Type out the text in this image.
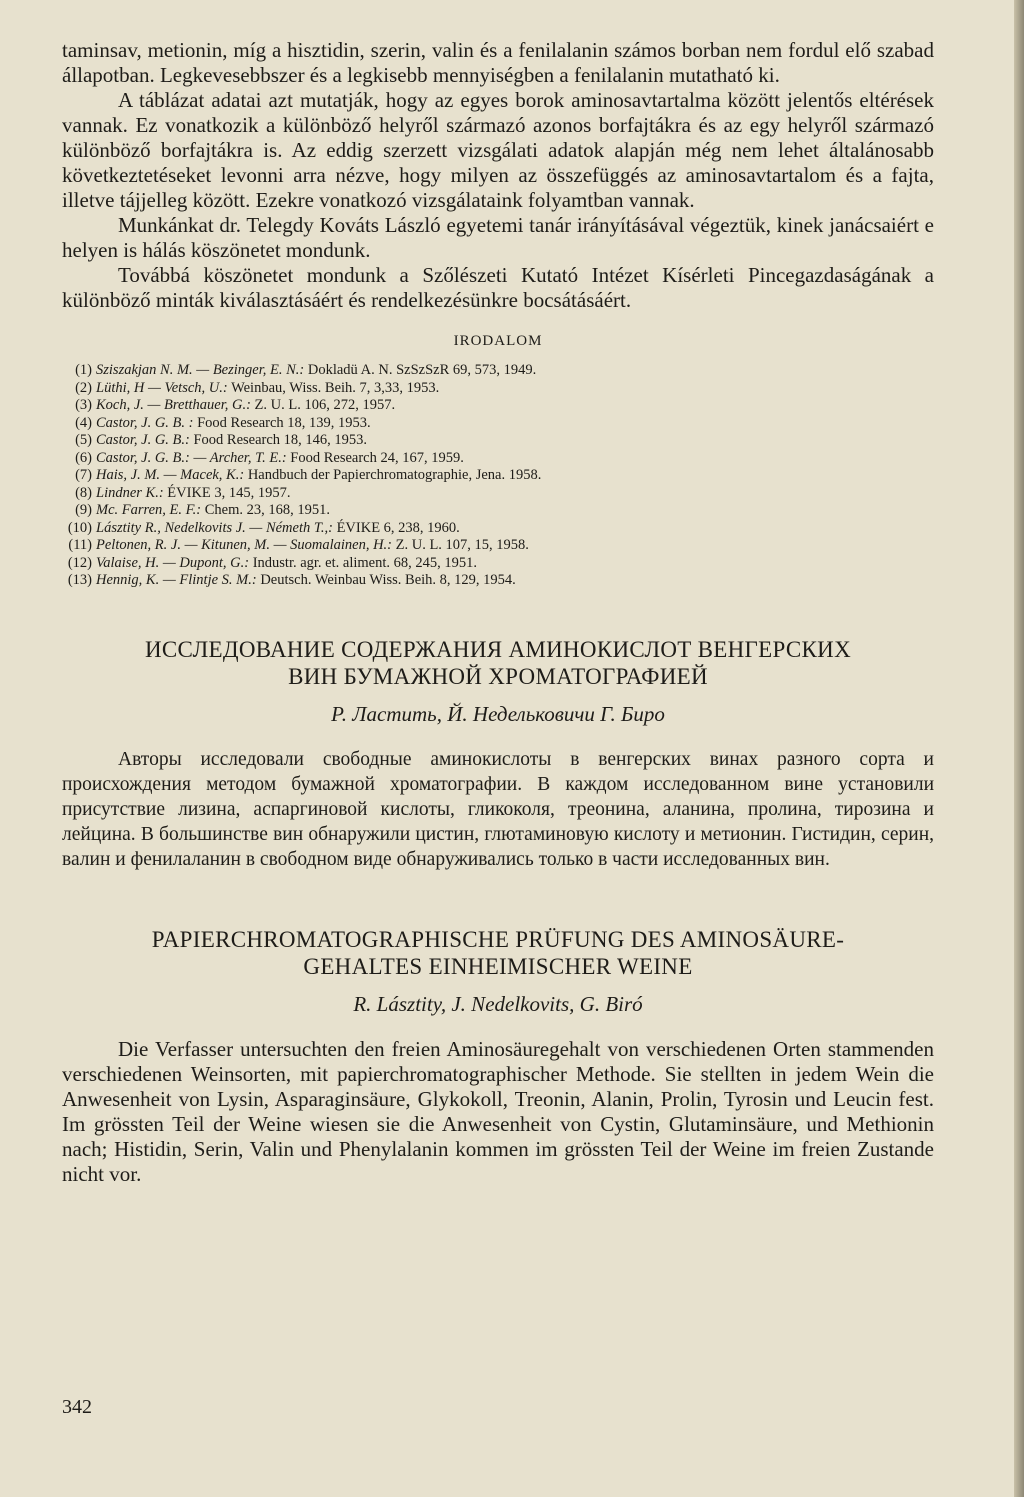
taminsav, metionin, míg a hisztidin, szerin, valin és a fenilalanin számos borban nem fordul elő szabad állapotban. Legkevesebbszer és a legkisebb mennyiségben a fenilalanin mutatható ki.

A táblázat adatai azt mutatják, hogy az egyes borok aminosavtartalma között jelentős eltérések vannak. Ez vonatkozik a különböző helyről származó azonos borfajtákra és az egy helyről származó különböző borfajtákra is. Az eddig szerzett vizsgálati adatok alapján még nem lehet általánosabb következtetéseket levonni arra nézve, hogy milyen az összefüggés az aminosavtartalom és a fajta, illetve tájjelleg között. Ezekre vonatkozó vizsgálataink folyamtban vannak.

Munkánkat dr. Telegdy Kováts László egyetemi tanár irányításával végeztük, kinek janácsaiért e helyen is hálás köszönetet mondunk.

Továbbá köszönetet mondunk a Szőlészeti Kutató Intézet Kísérleti Pincegazdaságának a különböző minták kiválasztásáért és rendelkezésünkre bocsátásáért.

IRODALOM
(1) Sziszakjan N. M. — Bezinger, E. N.: Dokladü A. N. SzSzSzR 69, 573, 1949.
(2) Lüthi, H — Vetsch, U.: Weinbau, Wiss. Beih. 7, 3,33, 1953.
(3) Koch, J. — Bretthauer, G.: Z. U. L. 106, 272, 1957.
(4) Castor, J. G. B. : Food Research 18, 139, 1953.
(5) Castor, J. G. B.: Food Research 18, 146, 1953.
(6) Castor, J. G. B.: — Archer, T. E.: Food Research 24, 167, 1959.
(7) Hais, J. M. — Macek, K.: Handbuch der Papierchromatographie, Jena. 1958.
(8) Lindner K.: ÉVIKE 3, 145, 1957.
(9) Mc. Farren, E. F.: Chem. 23, 168, 1951.
(10) Lásztity R., Nedelkovits J. — Németh T.,: ÉVIKE 6, 238, 1960.
(11) Peltonen, R. J. — Kitunen, M. — Suomalainen, H.: Z. U. L. 107, 15, 1958.
(12) Valaise, H. — Dupont, G.: Industr. agr. et. aliment. 68, 245, 1951.
(13) Hennig, K. — Flintje S. M.: Deutsch. Weinbau Wiss. Beih. 8, 129, 1954.

ИССЛЕДОВАНИЕ СОДЕРЖАНИЯ АМИНОКИСЛОТ ВЕНГЕРСКИХ

ВИН БУМАЖНОЙ ХРОМАТОГРАФИЕЙ

Р. Ластить, Й. Недельковичи Г. Биро

Авторы исследовали свободные аминокислоты в венгерских винах разного сорта и происхождения методом бумажной хроматографии. В каждом исследованном вине установили присутствие лизина, аспаргиновой кислоты, гликоколя, треонина, аланина, пролина, тирозина и лейцина. В большинстве вин обнаружили цистин, глютаминовую кислоту и метионин. Гистидин, серин, валин и фенилаланин в свободном виде обнаруживались только в части исследованных вин.

PAPIERCHROMATOGRAPHISCHE PRÜFUNG DES AMINOSÄURE-

GEHALTES EINHEIMISCHER WEINE

R. Lásztity, J. Nedelkovits, G. Biró

Die Verfasser untersuchten den freien Aminosäuregehalt von verschiedenen Orten stammenden verschiedenen Weinsorten, mit papierchromatographischer Methode. Sie stellten in jedem Wein die Anwesenheit von Lysin, Asparaginsäure, Glykokoll, Treonin, Alanin, Prolin, Tyrosin und Leucin fest. Im grössten Teil der Weine wiesen sie die Anwesenheit von Cystin, Glutaminsäure, und Methionin nach; Histidin, Serin, Valin und Phenylalanin kommen im grössten Teil der Weine im freien Zustande nicht vor.

342
